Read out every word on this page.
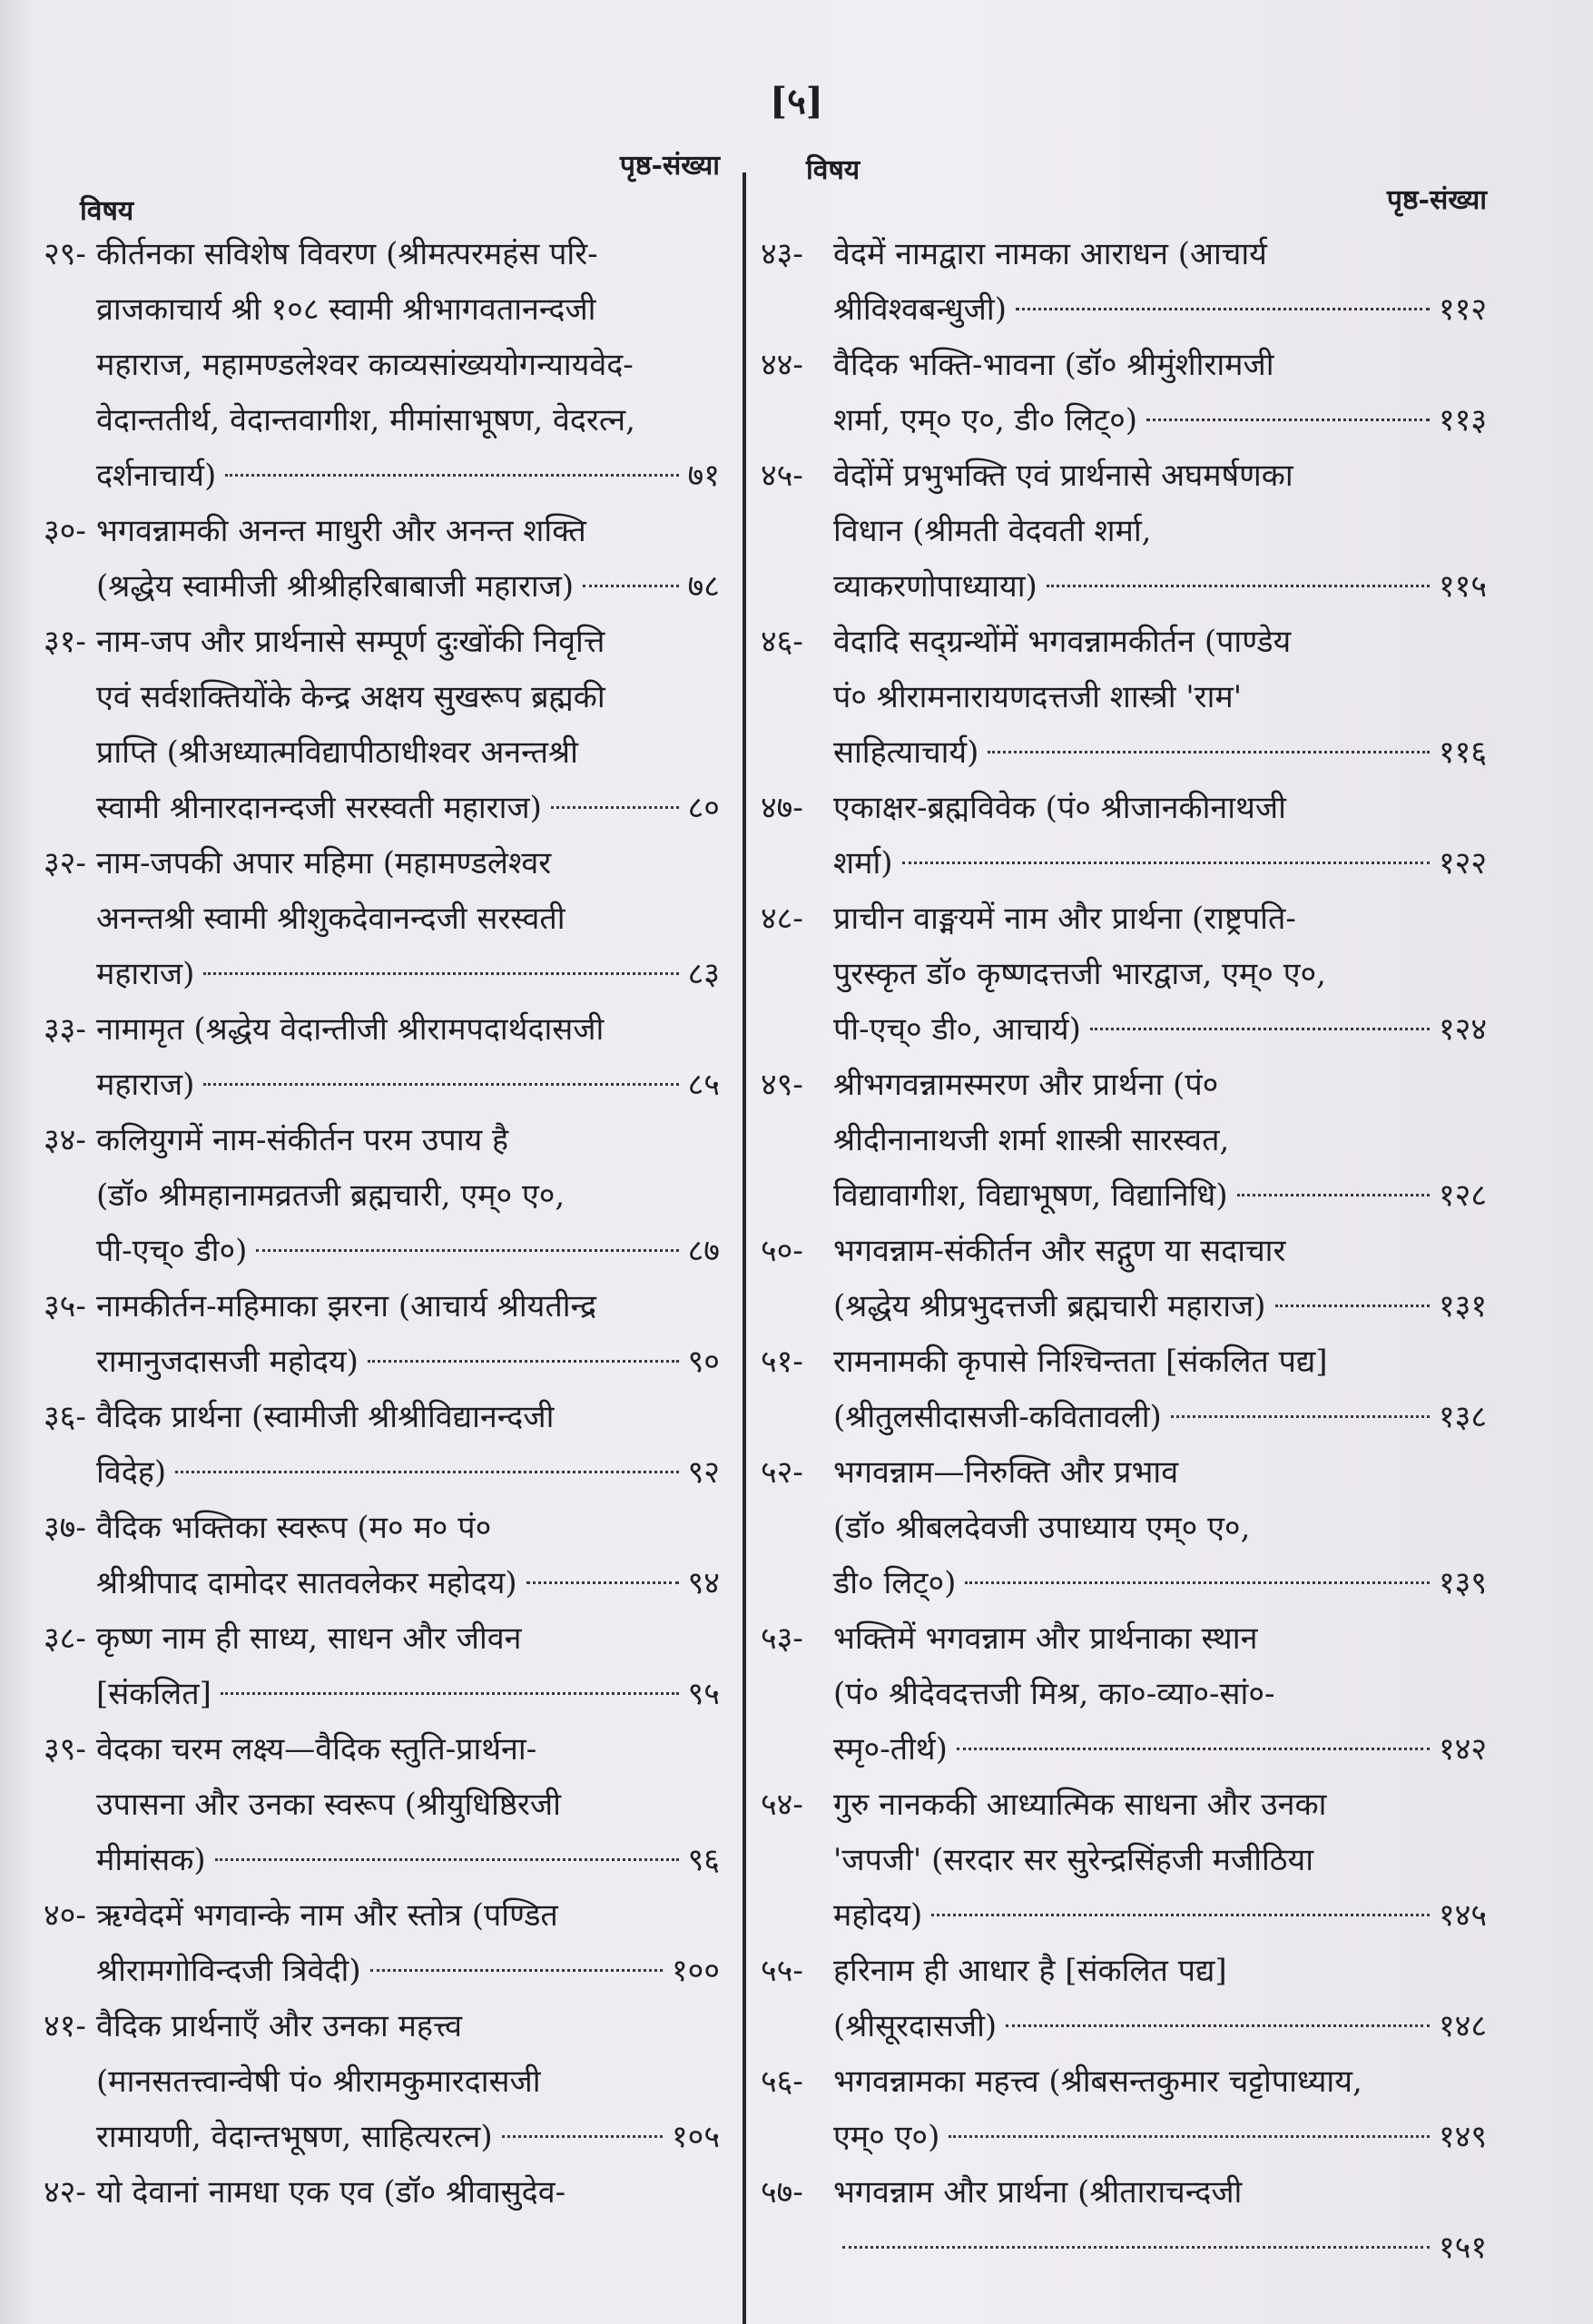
[५]
विषय
पृष्ठ-संख्या
२९- कीर्तनका सविशेष विवरण (श्रीमत्परमहंस परि-
व्राजकाचार्य श्री १०८ स्वामी श्रीभागवतानन्दजी
महाराज, महामण्डलेश्वर काव्यसांख्ययोगन्यायवेद-
वेदान्ततीर्थ, वेदान्तवागीश, मीमांसाभूषण, वेदरत्न,
दर्शनाचार्य)	७१
३०- भगवन्नामकी अनन्त माधुरी और अनन्त शक्ति
(श्रद्धेय स्वामीजी श्रीश्रीहरिबाबाजी महाराज)	७८
३१- नाम-जप और प्रार्थनासे सम्पूर्ण दुःखोंकी निवृत्ति
एवं सर्वशक्तियोंके केन्द्र अक्षय सुखरूप ब्रह्मकी
प्राप्ति (श्रीअध्यात्मविद्यापीठाधीश्वर अनन्तश्री
स्वामी श्रीनारदानन्दजी सरस्वती महाराज)	८०
३२- नाम-जपकी अपार महिमा (महामण्डलेश्वर
अनन्तश्री स्वामी श्रीशुकदेवानन्दजी सरस्वती
महाराज)	८३
३३- नामामृत (श्रद्धेय वेदान्तीजी श्रीरामपदार्थदासजी
महाराज)	८५
३४- कलियुगमें नाम-संकीर्तन परम उपाय है
(डॉ० श्रीमहानामव्रतजी ब्रह्मचारी, एम्० ए०,
पी-एच्० डी०)	८७
३५- नामकीर्तन-महिमाका झरना (आचार्य श्रीयतीन्द्र
रामानुजदासजी महोदय)	९०
३६- वैदिक प्रार्थना (स्वामीजी श्रीश्रीविद्यानन्दजी
विदेह)	९२
३७- वैदिक भक्तिका स्वरूप (म० म० पं०
श्रीश्रीपाद दामोदर सातवलेकर महोदय)	९४
३८- कृष्ण नाम ही साध्य, साधन और जीवन
[संकलित]	९५
३९- वेदका चरम लक्ष्य—वैदिक स्तुति-प्रार्थना-
उपासना और उनका स्वरूप (श्रीयुधिष्ठिरजी
मीमांसक)	९६
४०- ऋग्वेदमें भगवान्के नाम और स्तोत्र (पण्डित
श्रीरामगोविन्दजी त्रिवेदी)	१००
४१- वैदिक प्रार्थनाएँ और उनका महत्त्व
(मानसतत्त्वान्वेषी पं० श्रीरामकुमारदासजी
रामायणी, वेदान्तभूषण, साहित्यरत्न)	१०५
४२- यो देवानां नामधा एक एव (डॉ० श्रीवासुदेव-
विषय
पृष्ठ-संख्या
४३- वेदमें नामद्वारा नामका आराधन (आचार्य
श्रीविश्वबन्धुजी)	११२
४४- वैदिक भक्ति-भावना (डॉ० श्रीमुंशीरामजी
शर्मा, एम्० ए०, डी० लिट्०)	११३
४५- वेदोंमें प्रभुभक्ति एवं प्रार्थनासे अघमर्षणका
विधान (श्रीमती वेदवती शर्मा,
व्याकरणोपाध्याया)	११५
४६- वेदादि सद्ग्रन्थोंमें भगवन्नामकीर्तन (पाण्डेय
पं० श्रीरामनारायणदत्तजी शास्त्री 'राम'
साहित्याचार्य)	११६
४७- एकाक्षर-ब्रह्मविवेक (पं० श्रीजानकीनाथजी
शर्मा)	१२२
४८- प्राचीन वाङ्मयमें नाम और प्रार्थना (राष्ट्रपति-
पुरस्कृत डॉ० कृष्णदत्तजी भारद्वाज, एम्० ए०,
पी-एच्० डी०, आचार्य)	१२४
४९- श्रीभगवन्नामस्मरण और प्रार्थना (पं०
श्रीदीनानाथजी शर्मा शास्त्री सारस्वत,
विद्यावागीश, विद्याभूषण, विद्यानिधि)	१२८
५०- भगवन्नाम-संकीर्तन और सद्गुण या सदाचार
(श्रद्धेय श्रीप्रभुदत्तजी ब्रह्मचारी महाराज)	१३१
५१- रामनामकी कृपासे निश्चिन्तता [संकलित पद्य]
(श्रीतुलसीदासजी-कवितावली)	१३८
५२- भगवन्नाम—निरुक्ति और प्रभाव
(डॉ० श्रीबलदेवजी उपाध्याय एम्० ए०,
डी० लिट्०)	१३९
५३- भक्तिमें भगवन्नाम और प्रार्थनाका स्थान
(पं० श्रीदेवदत्तजी मिश्र, का०-व्या०-सां०-
स्मृ०-तीर्थ)	१४२
५४- गुरु नानककी आध्यात्मिक साधना और उनका
'जपजी' (सरदार सर सुरेन्द्रसिंहजी मजीठिया
महोदय)	१४५
५५- हरिनाम ही आधार है [संकलित पद्य]
(श्रीसूरदासजी)	१४८
५६- भगवन्नामका महत्त्व (श्रीबसन्तकुमार चट्टोपाध्याय,
एम्० ए०)	१४९
५७- भगवन्नाम और प्रार्थना (श्रीताराचन्दजी
१५१
